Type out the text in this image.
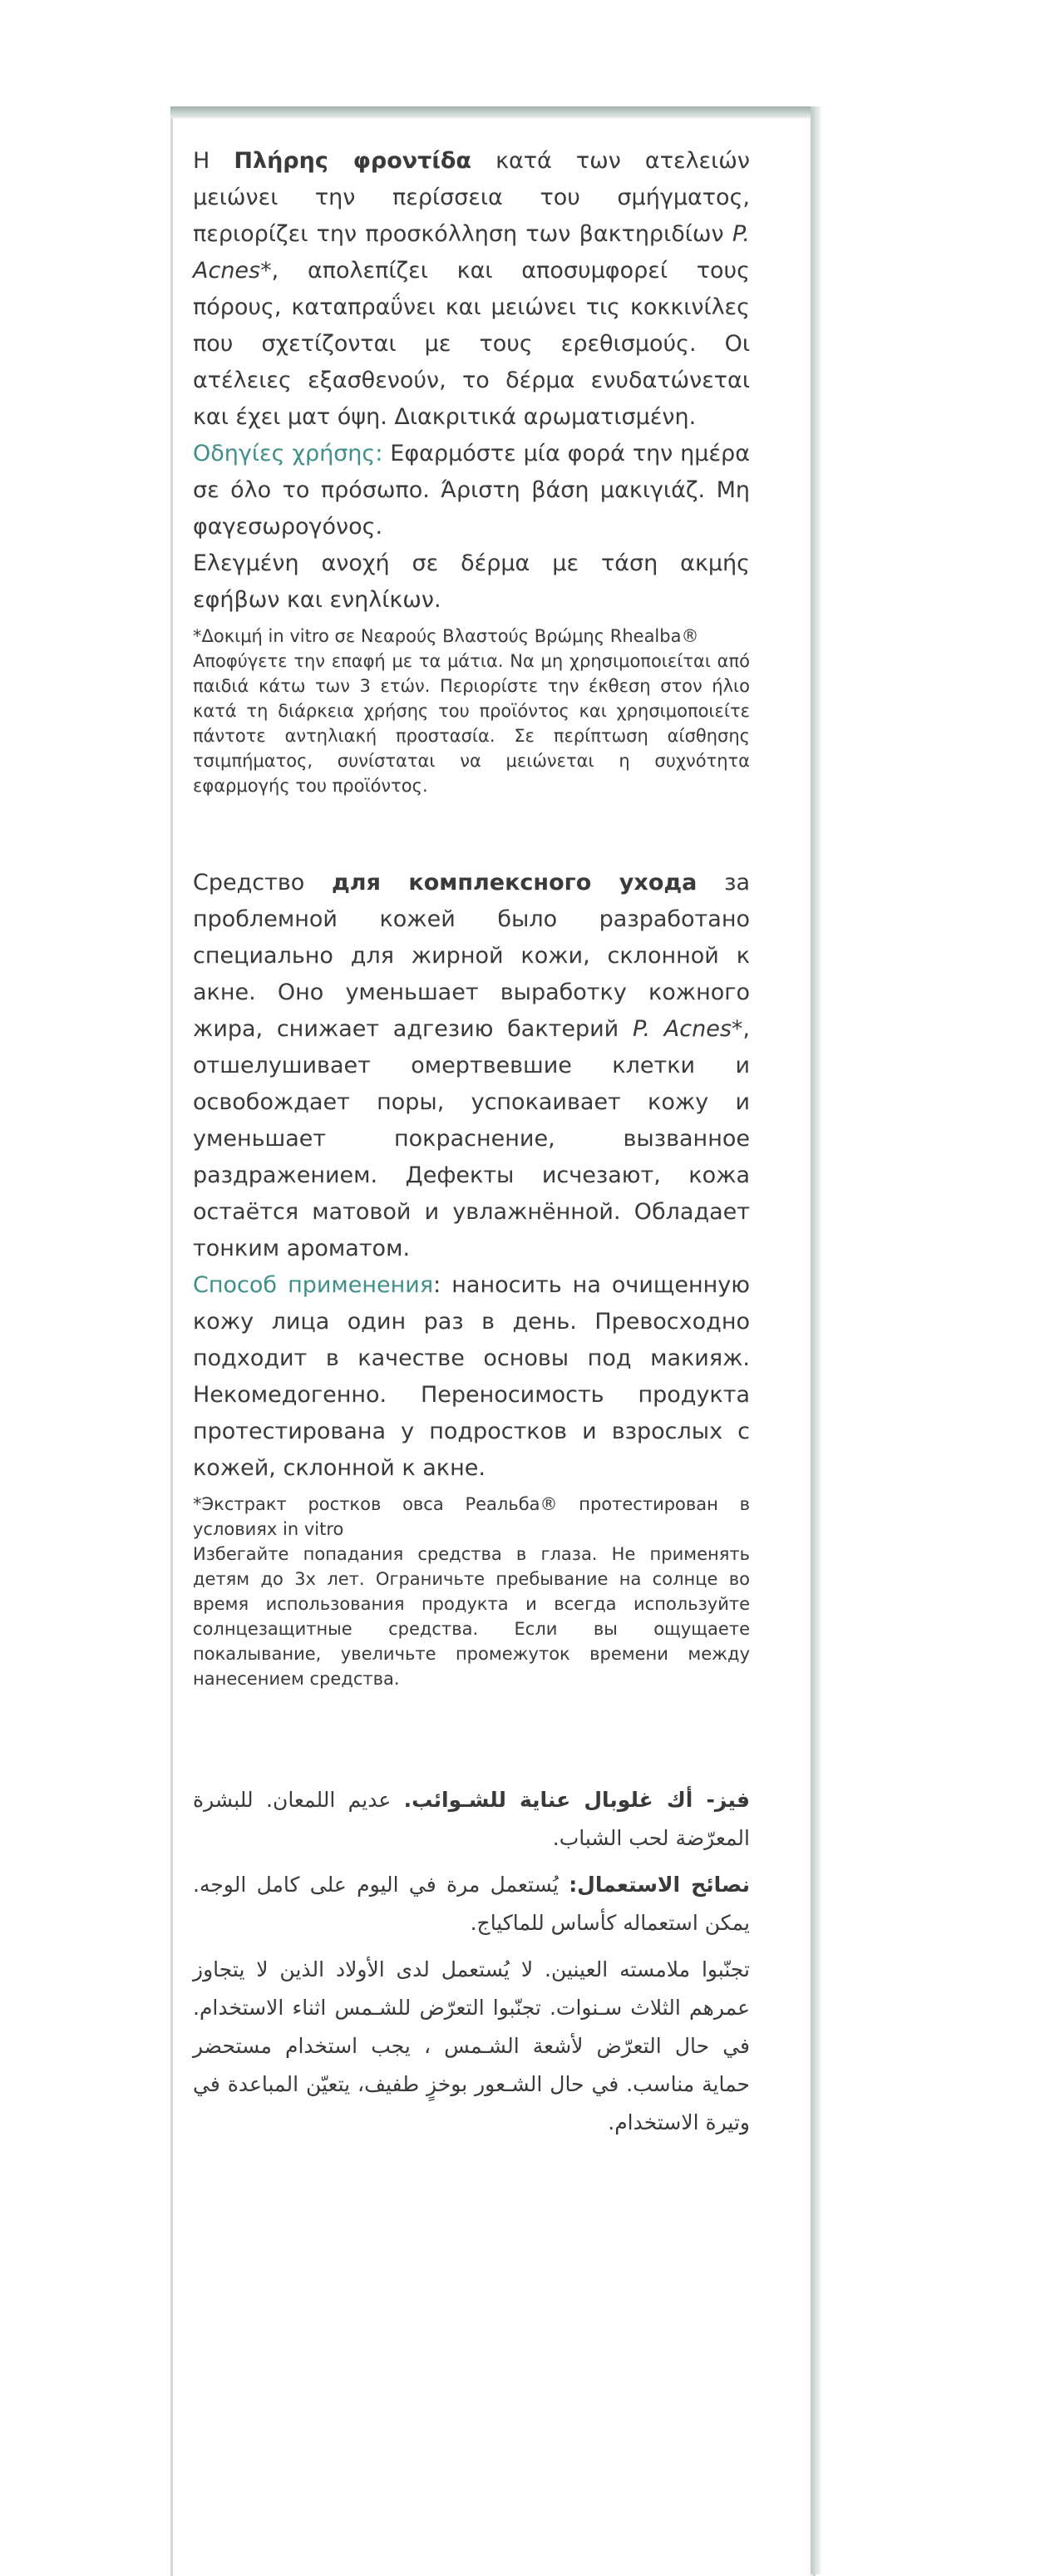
Η Πλήρης φροντίδα κατά των ατελειών μειώνει την περίσσεια του σμήγματος, περιορίζει την προσκόλληση των βακτηριδίων P. Acnes*, απολεπίζει και αποσυμφορεί τους πόρους, καταπραΰνει και μειώνει τις κοκκινίλες που σχετίζονται με τους ερεθισμούς. Οι ατέλειες εξασθενούν, το δέρμα ενυδατώνεται και έχει ματ όψη. Διακριτικά αρωματισμένη.

Οδηγίες χρήσης: Εφαρμόστε μία φορά την ημέρα σε όλο το πρόσωπο. Άριστη βάση μακιγιάζ. Μη φαγεσωρογόνος.

Ελεγμένη ανοχή σε δέρμα με τάση ακμής εφήβων και ενηλίκων.

*Δοκιμή in vitro σε Νεαρούς Βλαστούς Βρώμης Rhealba®

Αποφύγετε την επαφή με τα μάτια. Να μη χρησιμοποιείται από παιδιά κάτω των 3 ετών. Περιορίστε την έκθεση στον ήλιο κατά τη διάρκεια χρήσης του προϊόντος και χρησιμοποιείτε πάντοτε αντηλιακή προστασία. Σε περίπτωση αίσθησης τσιμπήματος, συνίσταται να μειώνεται η συχνότητα εφαρμογής του προϊόντος.

Средство для комплексного ухода за проблемной кожей было разработано специально для жирной кожи, склонной к акне. Оно уменьшает выработку кожного жира, снижает адгезию бактерий P. Acnes*, отшелушивает омертвевшие клетки и освобождает поры, успокаивает кожу и уменьшает покраснение, вызванное раздражением. Дефекты исчезают, кожа остаётся матовой и увлажнённой. Обладает тонким ароматом.

Способ применения: наносить на очищенную кожу лица один раз в день. Превосходно подходит в качестве основы под макияж. Некомедогенно. Переносимость продукта протестирована у подростков и взрослых с кожей, склонной к акне.

*Экстракт ростков овса Реальба® протестирован в условиях in vitro

Избегайте попадания средства в глаза. Не применять детям до 3х лет. Ограничьте пребывание на солнце во время использования продукта и всегда используйте солнцезащитные средства. Если вы ощущаете покалывание, увеличьте промежуток времени между нанесением средства.

فيز- أك غلوبال عناية للشـوائب. عديم اللمعان. للبشرة المعرّضة لحب الشباب.

نصائح الاستعمال: يُستعمل مرة في اليوم على كامل الوجه. يمكن استعماله كأساس للماكياج.

تجنّبوا ملامسته العينين. لا يُستعمل لدى الأولاد الذين لا يتجاوز عمرهم الثلاث سـنوات. تجنّبوا التعرّض للشـمس اثناء الاستخدام. في حال التعرّض لأشعة الشـمس ، يجب استخدام مستحضر حماية مناسب. في حال الشـعور بوخزٍ طفيف، يتعيّن المباعدة في وتيرة الاستخدام.
